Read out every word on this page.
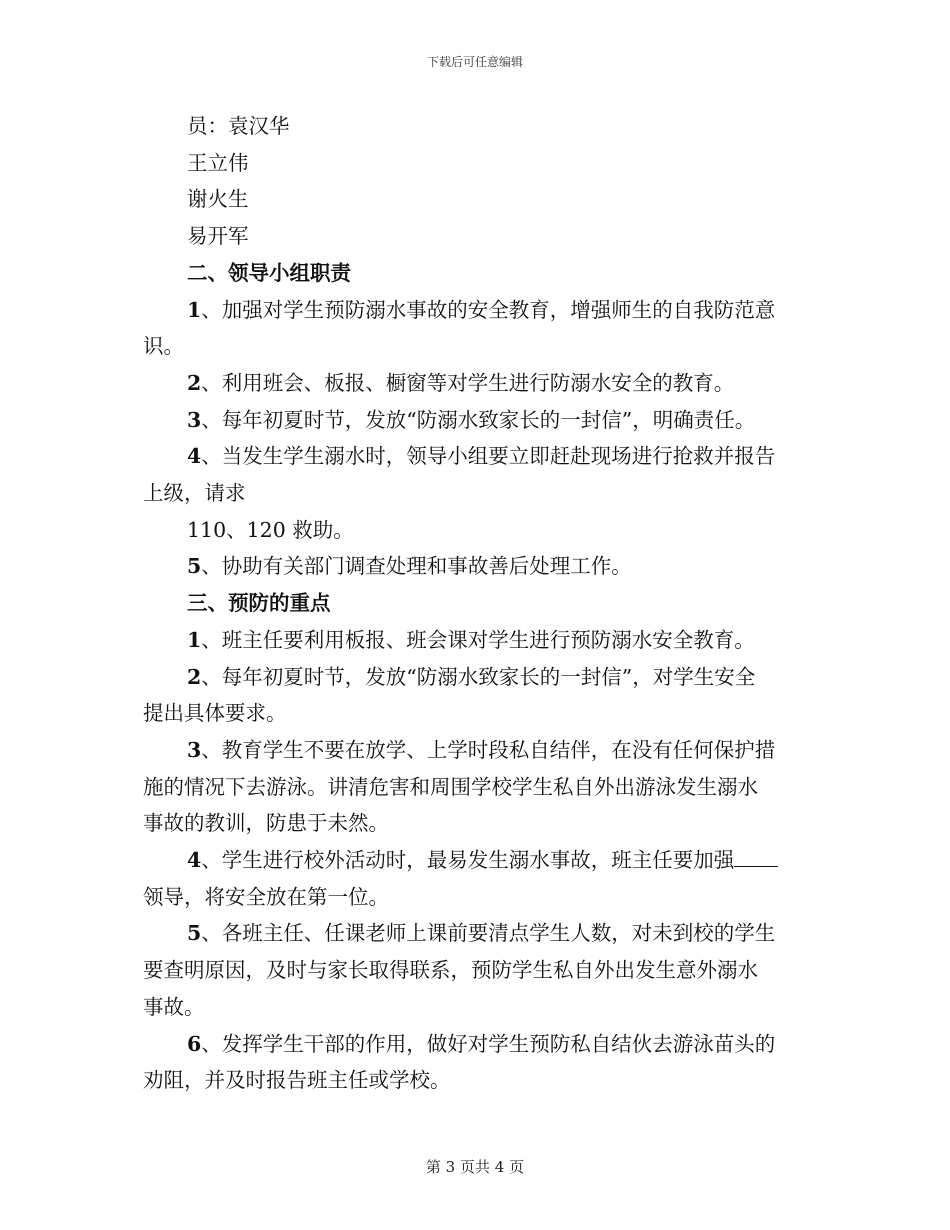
下载后可任意编辑

员：袁汉华

王立伟

谢火生

易开军

二、领导小组职责

1、加强对学生预防溺水事故的安全教育，增强师生的自我防范意

识。

2、利用班会、板报、橱窗等对学生进行防溺水安全的教育。

3、每年初夏时节，发放“防溺水致家长的一封信”，明确责任。

4、当发生学生溺水时，领导小组要立即赶赴现场进行抢救并报告

上级，请求

110、120 救助。

5、协助有关部门调查处理和事故善后处理工作。

三、预防的重点

1、班主任要利用板报、班会课对学生进行预防溺水安全教育。

2、每年初夏时节，发放“防溺水致家长的一封信”，对学生安全

提出具体要求。

3、教育学生不要在放学、上学时段私自结伴，在没有任何保护措

施的情况下去游泳。讲清危害和周围学校学生私自外出游泳发生溺水

事故的教训，防患于未然。

4、学生进行校外活动时，最易发生溺水事故，班主任要加强

领导，将安全放在第一位。

5、各班主任、任课老师上课前要清点学生人数，对未到校的学生

要查明原因，及时与家长取得联系，预防学生私自外出发生意外溺水

事故。

6、发挥学生干部的作用，做好对学生预防私自结伙去游泳苗头的

劝阻，并及时报告班主任或学校。

第 3 页共 4 页
